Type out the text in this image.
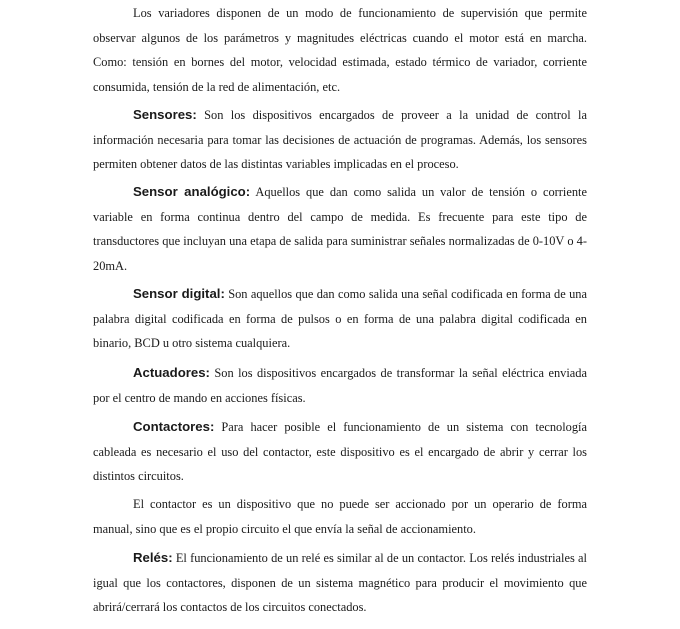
Los variadores disponen de un modo de funcionamiento de supervisión que permite observar algunos de los parámetros y magnitudes eléctricas cuando el motor está en marcha. Como: tensión en bornes del motor, velocidad estimada, estado térmico de variador, corriente consumida, tensión de la red de alimentación, etc.

Sensores: Son los dispositivos encargados de proveer a la unidad de control la información necesaria para tomar las decisiones de actuación de programas. Además, los sensores permiten obtener datos de las distintas variables implicadas en el proceso.

Sensor analógico: Aquellos que dan como salida un valor de tensión o corriente variable en forma continua dentro del campo de medida. Es frecuente para este tipo de transductores que incluyan una etapa de salida para suministrar señales normalizadas de 0-10V o 4-20mA.

Sensor digital: Son aquellos que dan como salida una señal codificada en forma de una palabra digital codificada en forma de pulsos o en forma de una palabra digital codificada en binario, BCD u otro sistema cualquiera.

Actuadores: Son los dispositivos encargados de transformar la señal eléctrica enviada por el centro de mando en acciones físicas.

Contactores: Para hacer posible el funcionamiento de un sistema con tecnología cableada es necesario el uso del contactor, este dispositivo es el encargado de abrir y cerrar los distintos circuitos.

El contactor es un dispositivo que no puede ser accionado por un operario de forma manual, sino que es el propio circuito el que envía la señal de accionamiento.

Relés: El funcionamiento de un relé es similar al de un contactor. Los relés industriales al igual que los contactores, disponen de un sistema magnético para producir el movimiento que abrirá/cerrará los contactos de los circuitos conectados.
